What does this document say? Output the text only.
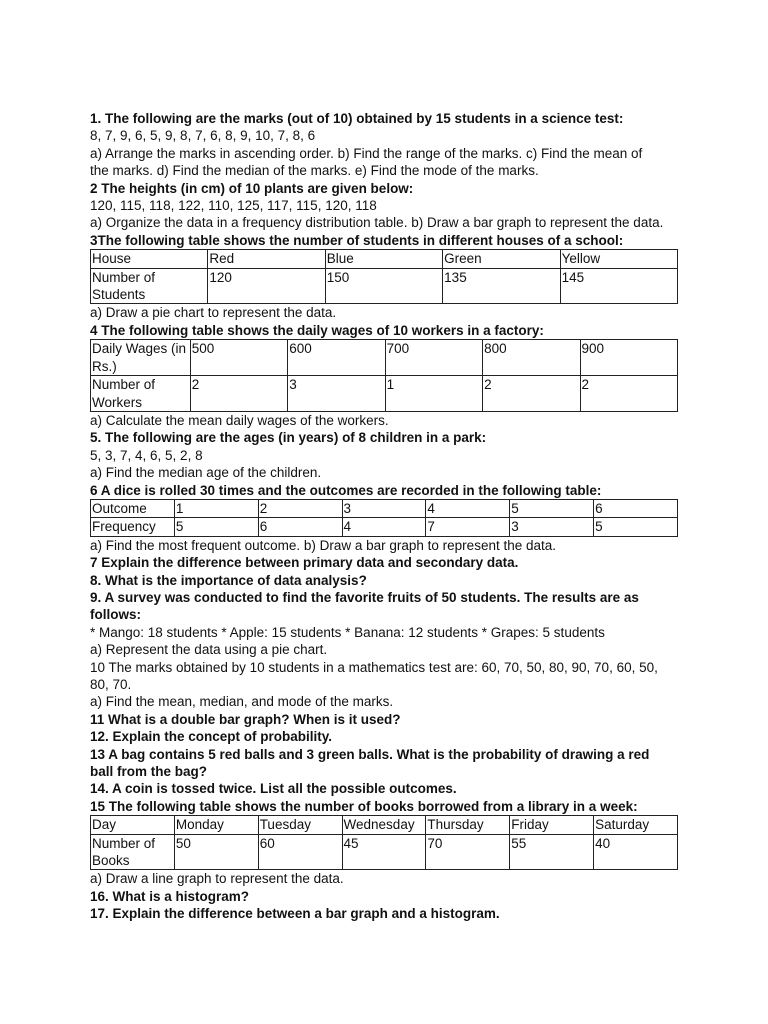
1. The following are the marks (out of 10) obtained by 15 students in a science test:
8, 7, 9, 6, 5, 9, 8, 7, 6, 8, 9, 10, 7, 8, 6
a) Arrange the marks in ascending order. b) Find the range of the marks. c) Find the mean of
the marks. d) Find the median of the marks. e) Find the mode of the marks.
2 The heights (in cm) of 10 plants are given below:
120, 115, 118, 122, 110, 125, 117, 115, 120, 118
a) Organize the data in a frequency distribution table. b) Draw a bar graph to represent the data.
3The following table shows the number of students in different houses of a school:
House	Red	Blue	Green	Yellow
Number of Students	120	150	135	145
a) Draw a pie chart to represent the data.
4 The following table shows the daily wages of 10 workers in a factory:
Daily Wages (in Rs.)	500	600	700	800	900
Number of Workers	2	3	1	2	2
a) Calculate the mean daily wages of the workers.
5. The following are the ages (in years) of 8 children in a park:
5, 3, 7, 4, 6, 5, 2, 8
a) Find the median age of the children.
6 A dice is rolled 30 times and the outcomes are recorded in the following table:
Outcome	1	2	3	4	5	6
Frequency	5	6	4	7	3	5
a) Find the most frequent outcome. b) Draw a bar graph to represent the data.
7 Explain the difference between primary data and secondary data.
8. What is the importance of data analysis?
9. A survey was conducted to find the favorite fruits of 50 students. The results are as
follows:
* Mango: 18 students * Apple: 15 students * Banana: 12 students * Grapes: 5 students
a) Represent the data using a pie chart.
10 The marks obtained by 10 students in a mathematics test are: 60, 70, 50, 80, 90, 70, 60, 50,
80, 70.
a) Find the mean, median, and mode of the marks.
11 What is a double bar graph? When is it used?
12. Explain the concept of probability.
13 A bag contains 5 red balls and 3 green balls. What is the probability of drawing a red
ball from the bag?
14. A coin is tossed twice. List all the possible outcomes.
15 The following table shows the number of books borrowed from a library in a week:
Day	Monday	Tuesday	Wednesday	Thursday	Friday	Saturday
Number of Books	50	60	45	70	55	40
a) Draw a line graph to represent the data.
16. What is a histogram?
17. Explain the difference between a bar graph and a histogram.
